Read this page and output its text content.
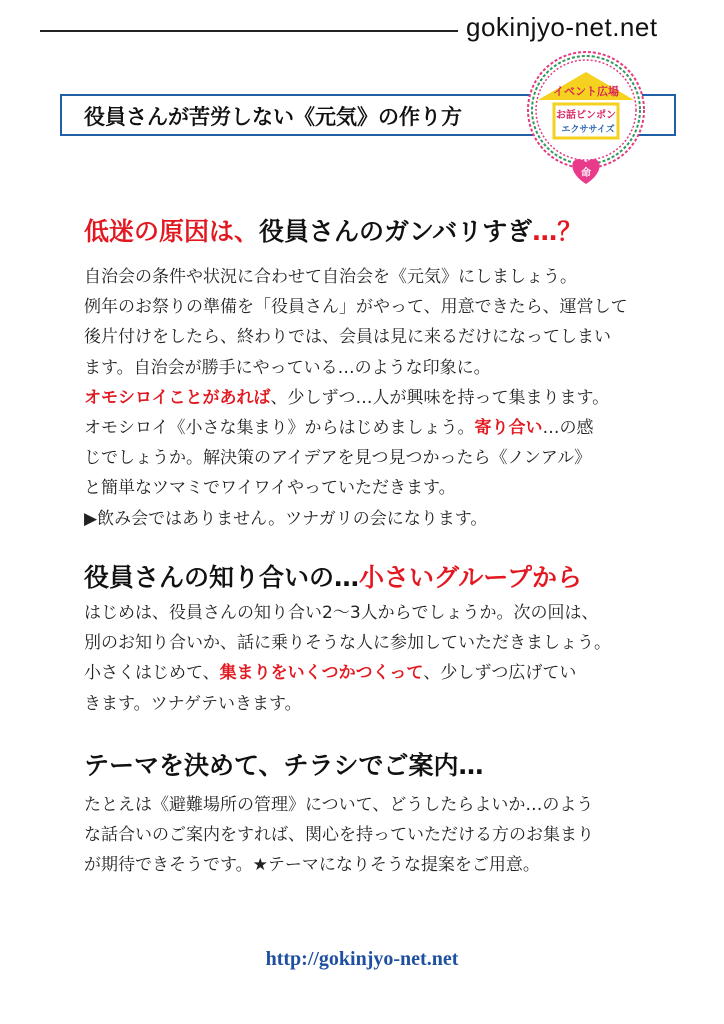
gokinjyo-net.net
役員さんが苦労しない《元気》の作り方
イベント広場
お話ピンポン
エクササイズ
命
低迷の原因は、役員さんのガンバリすぎ…？
自治会の条件や状況に合わせて自治会を《元気》にしましょう。
例年のお祭りの準備を「役員さん」がやって、用意できたら、運営して
後片付けをしたら、終わりでは、会員は見に来るだけになってしまい
ます。自治会が勝手にやっている…のような印象に。
オモシロイことがあれば、少しずつ…人が興味を持って集まります。
オモシロイ《小さな集まり》からはじめましょう。寄り合い…の感
じでしょうか。解決策のアイデアを見つ見つかったら《ノンアル》
と簡単なツマミでワイワイやっていただきます。
▶飲み会ではありません。ツナガリの会になります。
役員さんの知り合いの…小さいグループから
はじめは、役員さんの知り合い2〜3人からでしょうか。次の回は、
別のお知り合いか、話に乗りそうな人に参加していただきましょう。
小さくはじめて、集まりをいくつかつくって、少しずつ広げてい
きます。ツナゲテいきます。
テーマを決めて、チラシでご案内…
たとえは《避難場所の管理》について、どうしたらよいか…のよう
な話合いのご案内をすれば、関心を持っていただける方のお集まり
が期待できそうです。★テーマになりそうな提案をご用意。
http://gokinjyo-net.net
